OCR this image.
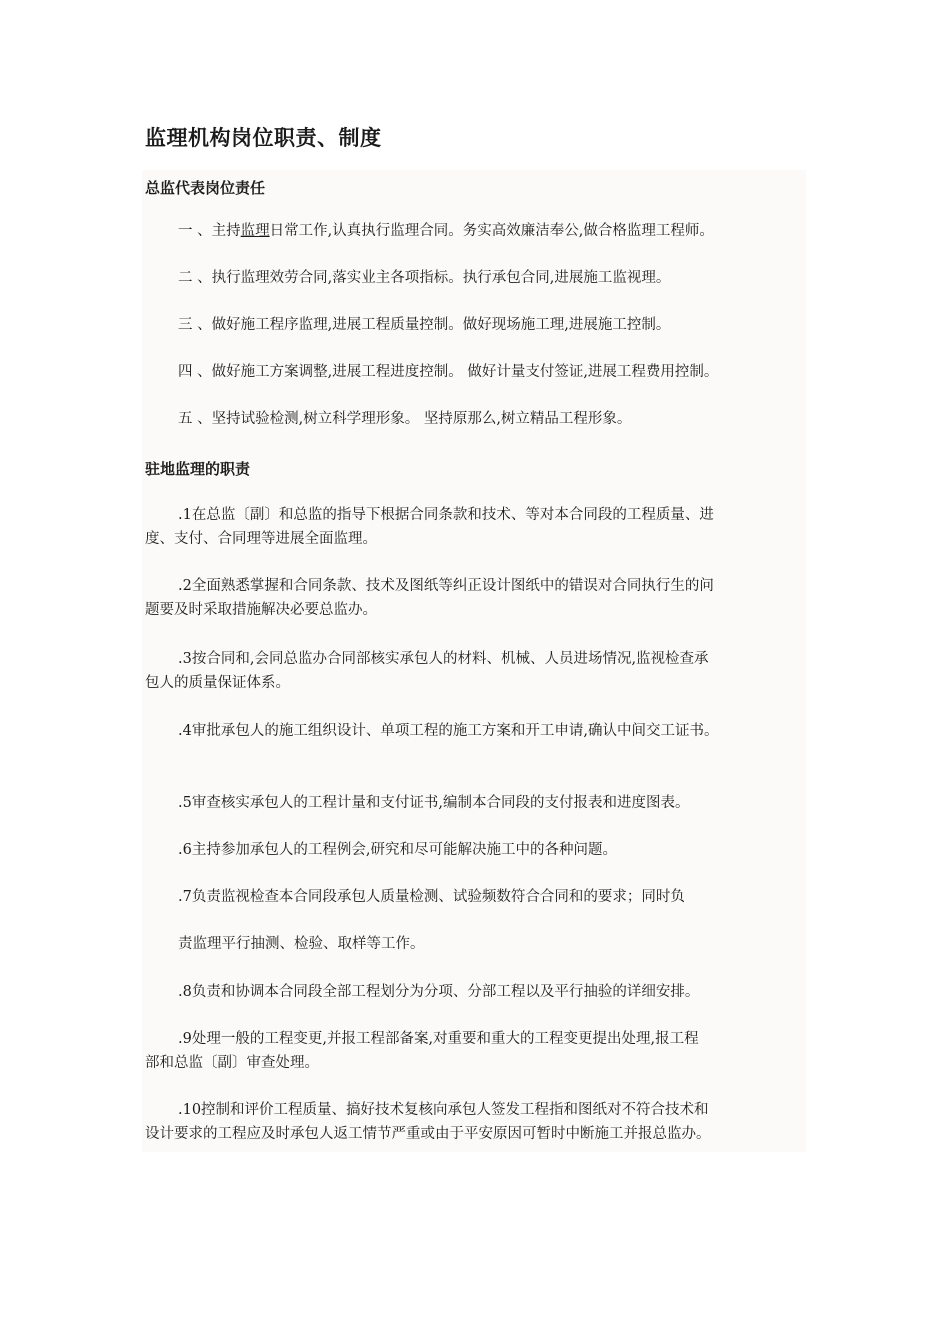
监理机构岗位职责、制度
总监代表岗位责任

一 、主持监理日常工作,认真执行监理合同。务实高效廉洁奉公,做合格监理工程师。

二 、执行监理效劳合同,落实业主各项指标。执行承包合同,进展施工监视理。

三 、做好施工程序监理,进展工程质量控制。做好现场施工理,进展施工控制。

四 、做好施工方案调整,进展工程进度控制。 做好计量支付签证,进展工程费用控制。

五 、坚持试验检测,树立科学理形象。 坚持原那么,树立精品工程形象。

驻地监理的职责

.1在总监〔副〕和总监的指导下根据合同条款和技术、等对本合同段的工程质量、进

度、支付、合同理等进展全面监理。

.2全面熟悉掌握和合同条款、技术及图纸等纠正设计图纸中的错误对合同执行生的问

题要及时采取措施解决必要总监办。

.3按合同和,会同总监办合同部核实承包人的材料、机械、人员进场情况,监视检查承

包人的质量保证体系。

.4审批承包人的施工组织设计、单项工程的施工方案和开工申请,确认中间交工证书。

.5审查核实承包人的工程计量和支付证书,编制本合同段的支付报表和进度图表。

.6主持参加承包人的工程例会,研究和尽可能解决施工中的各种问题。

.7负责监视检查本合同段承包人质量检测、试验频数符合合同和的要求；同时负

责监理平行抽测、检验、取样等工作。

.8负责和协调本合同段全部工程划分为分项、分部工程以及平行抽验的详细安排。

.9处理一般的工程变更,并报工程部备案,对重要和重大的工程变更提出处理,报工程

部和总监〔副〕审查处理。

.10控制和评价工程质量、搞好技术复核向承包人签发工程指和图纸对不符合技术和

设计要求的工程应及时承包人返工情节严重或由于平安原因可暂时中断施工并报总监办。
